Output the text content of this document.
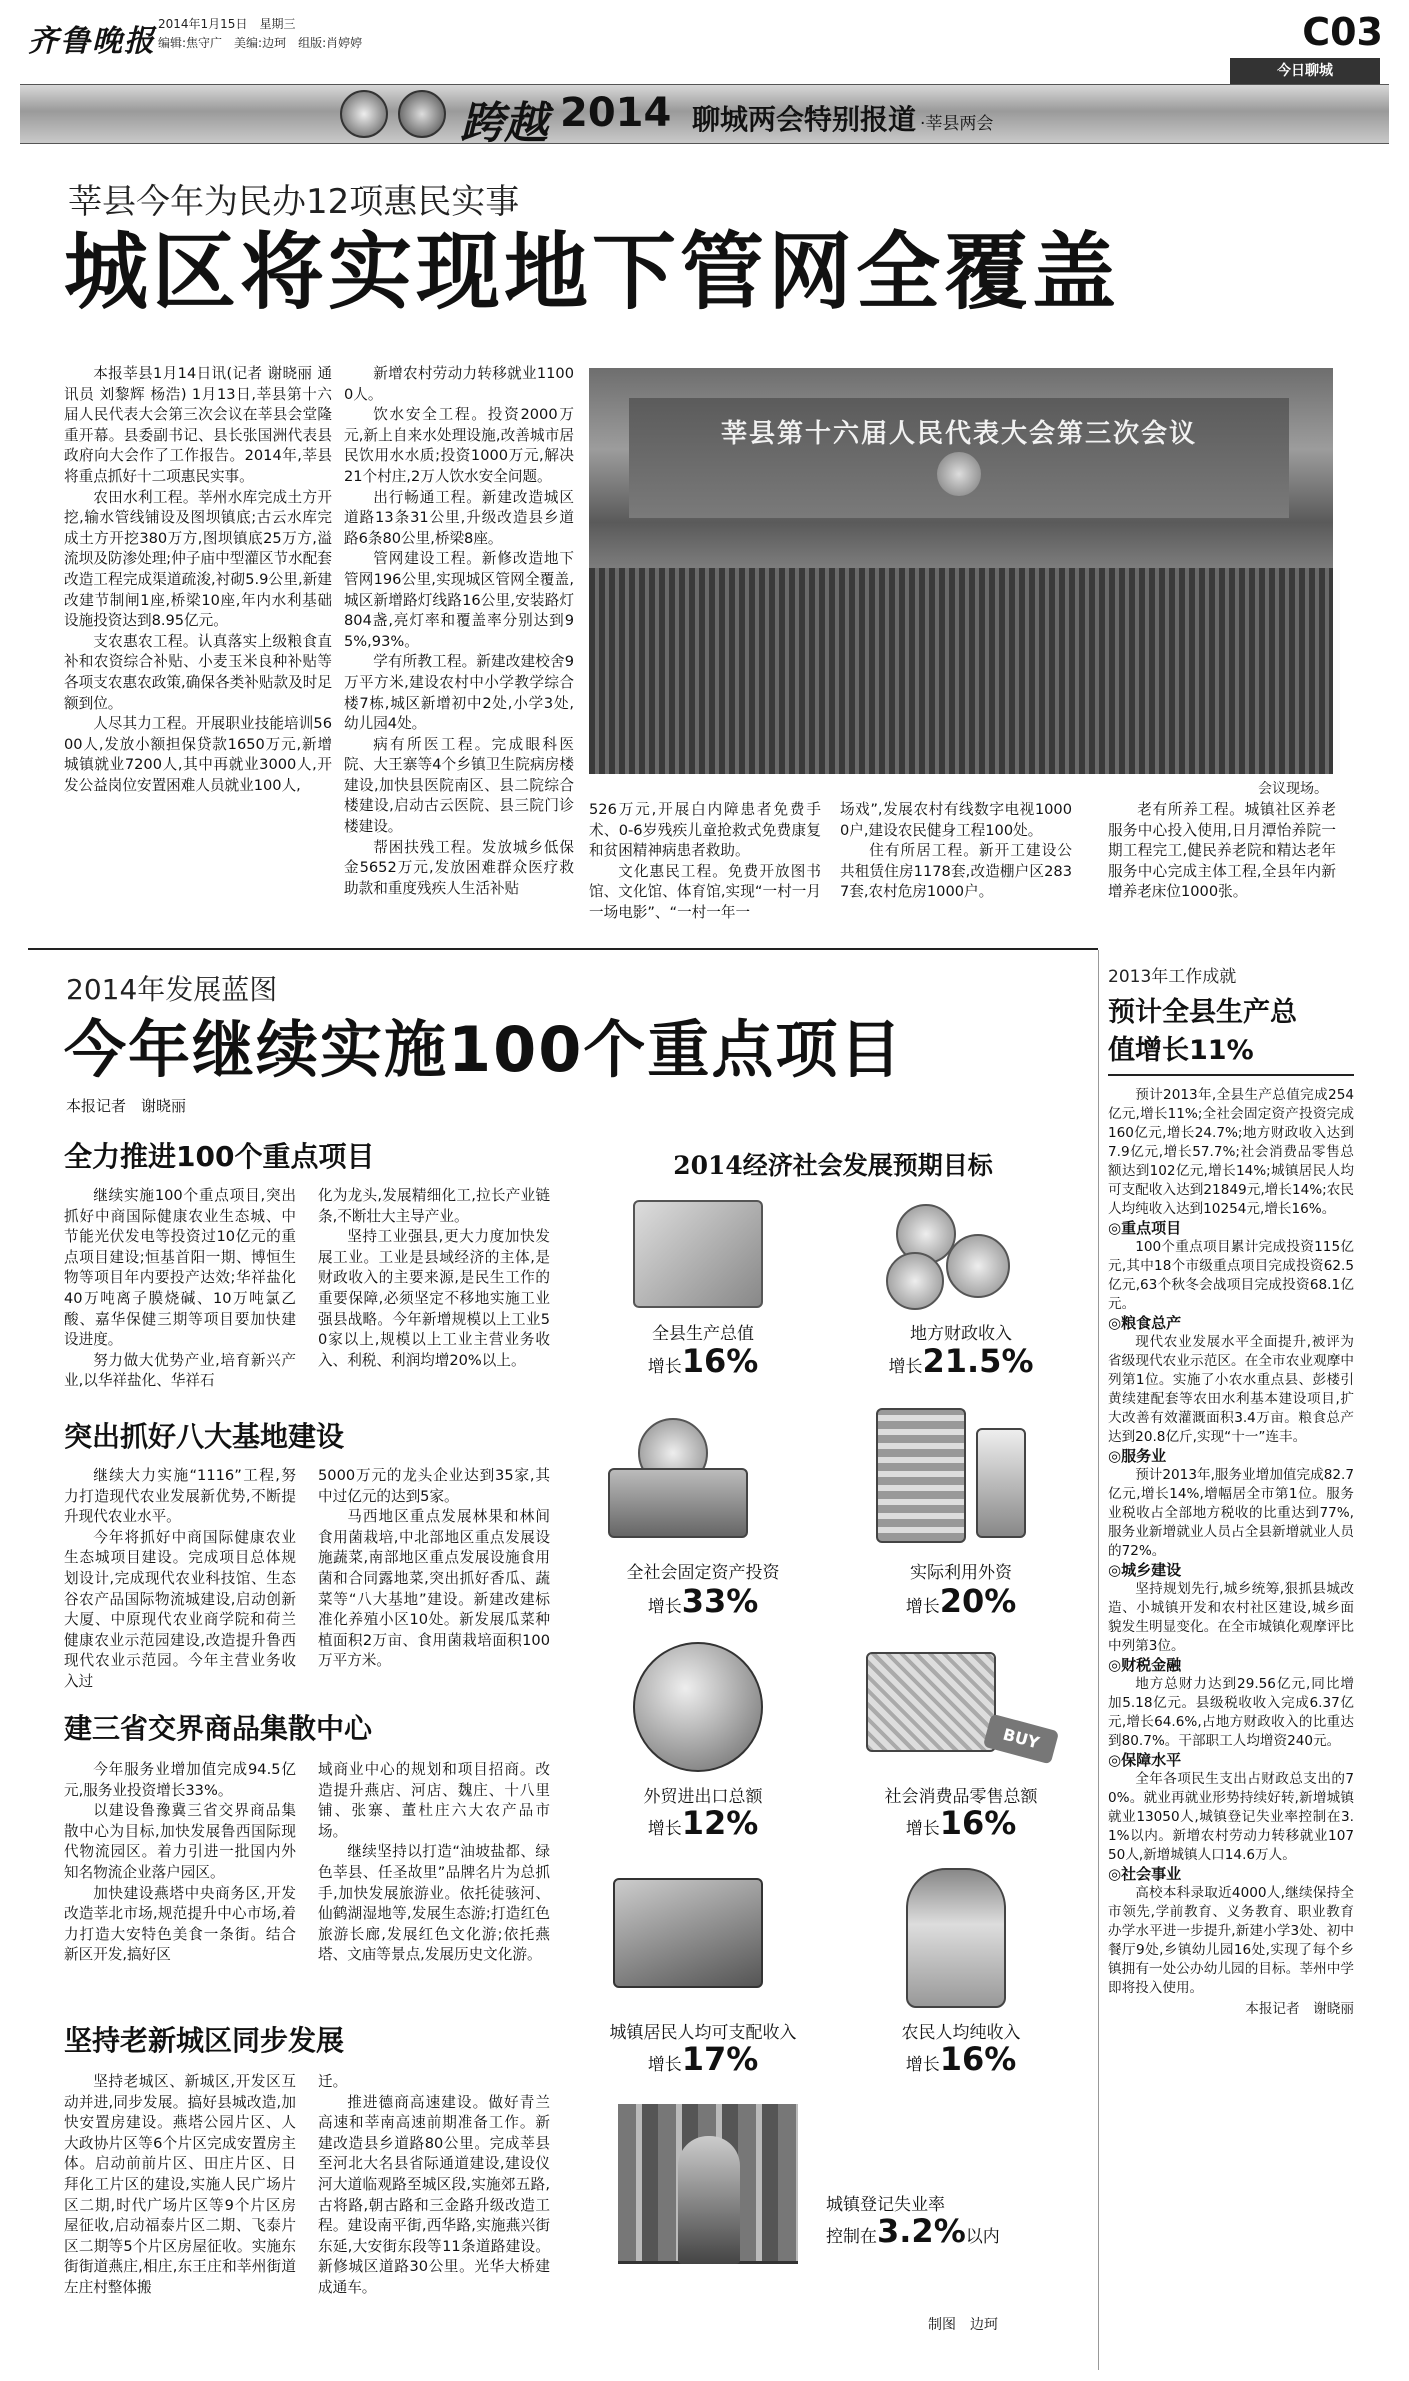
齐鲁晚报 2014年1月15日　星期三
编辑:焦守广　美编:边珂　组版:肖婷婷	C03
今日聊城
跨越 2014 聊城两会特别报道 ·莘县两会
莘县今年为民办12项惠民实事
城区将实现地下管网全覆盖

本报莘县1月14日讯(记者 谢晓丽 通讯员 刘黎辉 杨浩) 1月13日,莘县第十六届人民代表大会第三次会议在莘县会堂隆重开幕。县委副书记、县长张国洲代表县政府向大会作了工作报告。2014年,莘县将重点抓好十二项惠民实事。

农田水利工程。莘州水库完成土方开挖,输水管线铺设及图坝镇底;古云水库完成土方开挖380万方,图坝镇底25万方,溢流坝及防渗处理;仲子庙中型灌区节水配套改造工程完成渠道疏浚,衬砌5.9公里,新建改建节制闸1座,桥梁10座,年内水利基础设施投资达到8.95亿元。

支农惠农工程。认真落实上级粮食直补和农资综合补贴、小麦玉米良种补贴等各项支农惠农政策,确保各类补贴款及时足额到位。

人尽其力工程。开展职业技能培训5600人,发放小额担保贷款1650万元,新增城镇就业7200人,其中再就业3000人,开发公益岗位安置困难人员就业100人,

新增农村劳动力转移就业11000人。

饮水安全工程。投资2000万元,新上自来水处理设施,改善城市居民饮用水水质;投资1000万元,解决21个村庄,2万人饮水安全问题。

出行畅通工程。新建改造城区道路13条31公里,升级改造县乡道路6条80公里,桥梁8座。

管网建设工程。新修改造地下管网196公里,实现城区管网全覆盖,城区新增路灯线路16公里,安装路灯804盏,亮灯率和覆盖率分别达到95%,93%。

学有所教工程。新建改建校舍9万平方米,建设农村中小学教学综合楼7栋,城区新增初中2处,小学3处,幼儿园4处。

病有所医工程。完成眼科医院、大王寨等4个乡镇卫生院病房楼建设,加快县医院南区、县二院综合楼建设,启动古云医院、县三院门诊楼建设。

帮困扶残工程。发放城乡低保金5652万元,发放困难群众医疗救助款和重度残疾人生活补贴

莘县第十六届人民代表大会第三次会议
会议现场。

526万元,开展白内障患者免费手术、0-6岁残疾儿童抢救式免费康复和贫困精神病患者救助。

文化惠民工程。免费开放图书馆、文化馆、体育馆,实现“一村一月一场电影”、“一村一年一

场戏”,发展农村有线数字电视10000户,建设农民健身工程100处。

住有所居工程。新开工建设公共租赁住房1178套,改造棚户区2837套,农村危房1000户。

老有所养工程。城镇社区养老服务中心投入使用,日月潭怡养院一期工程完工,健民养老院和精达老年服务中心完成主体工程,全县年内新增养老床位1000张。

2014年发展蓝图
今年继续实施100个重点项目
本报记者　谢晓丽
全力推进100个重点项目

继续实施100个重点项目,突出抓好中商国际健康农业生态城、中节能光伏发电等投资过10亿元的重点项目建设;恒基首阳一期、博恒生物等项目年内要投产达效;华祥盐化40万吨离子膜烧碱、10万吨氯乙酸、嘉华保健三期等项目要加快建设进度。

努力做大优势产业,培育新兴产业,以华祥盐化、华祥石

化为龙头,发展精细化工,拉长产业链条,不断壮大主导产业。

坚持工业强县,更大力度加快发展工业。工业是县域经济的主体,是财政收入的主要来源,是民生工作的重要保障,必须坚定不移地实施工业强县战略。今年新增规模以上工业50家以上,规模以上工业主营业务收入、利税、利润均增20%以上。

突出抓好八大基地建设

继续大力实施“1116”工程,努力打造现代农业发展新优势,不断提升现代农业水平。

今年将抓好中商国际健康农业生态城项目建设。完成项目总体规划设计,完成现代农业科技馆、生态谷农产品国际物流城建设,启动创新大厦、中原现代农业商学院和荷兰健康农业示范园建设,改造提升鲁西现代农业示范园。今年主营业务收入过

5000万元的龙头企业达到35家,其中过亿元的达到5家。

马西地区重点发展林果和林间食用菌栽培,中北部地区重点发展设施蔬菜,南部地区重点发展设施食用菌和合同露地菜,突出抓好香瓜、蔬菜等“八大基地”建设。新建改建标准化养殖小区10处。新发展瓜菜种植面积2万亩、食用菌栽培面积100万平方米。

建三省交界商品集散中心

今年服务业增加值完成94.5亿元,服务业投资增长33%。

以建设鲁豫冀三省交界商品集散中心为目标,加快发展鲁西国际现代物流园区。着力引进一批国内外知名物流企业落户园区。

加快建设燕塔中央商务区,开发改造莘北市场,规范提升中心市场,着力打造大安特色美食一条街。结合新区开发,搞好区

域商业中心的规划和项目招商。改造提升燕店、河店、魏庄、十八里铺、张寨、董杜庄六大农产品市场。

继续坚持以打造“油坡盐都、绿色莘县、任圣故里”品牌名片为总抓手,加快发展旅游业。依托徒骇河、仙鹤湖湿地等,发展生态游;打造红色旅游长廊,发展红色文化游;依托燕塔、文庙等景点,发展历史文化游。

坚持老新城区同步发展

坚持老城区、新城区,开发区互动并进,同步发展。搞好县城改造,加快安置房建设。燕塔公园片区、人大政协片区等6个片区完成安置房主体。启动前前片区、田庄片区、日拜化工片区的建设,实施人民广场片区二期,时代广场片区等9个片区房屋征收,启动福泰片区二期、飞泰片区二期等5个片区房屋征收。实施东街街道燕庄,相庄,东王庄和莘州街道左庄村整体搬

迁。

推进德商高速建设。做好青兰高速和莘南高速前期准备工作。新建改造县乡道路80公里。完成莘县至河北大名县省际通道建设,建设仪河大道临观路至城区段,实施郊五路,古将路,朝古路和三金路升级改造工程。建设南平街,西华路,实施燕兴街东延,大安街东段等11条道路建设。新修城区道路30公里。光华大桥建成通车。

2014经济社会发展预期目标
全县生产总值
增长16%
地方财政收入
增长21.5%
全社会固定资产投资
增长33%
实际利用外资
增长20%
外贸进出口总额
增长12%
BUY
社会消费品零售总额
增长16%
城镇居民人均可支配收入
增长17%
农民人均纯收入
增长16%
城镇登记失业率
控制在3.2%以内
制图　边珂
2013年工作成就
预计全县生产总值增长11%

预计2013年,全县生产总值完成254亿元,增长11%;全社会固定资产投资完成160亿元,增长24.7%;地方财政收入达到7.9亿元,增长57.7%;社会消费品零售总额达到102亿元,增长14%;城镇居民人均可支配收入达到21849元,增长14%;农民人均纯收入达到10254元,增长16%。

◎重点项目

100个重点项目累计完成投资115亿元,其中18个市级重点项目完成投资62.5亿元,63个秋冬会战项目完成投资68.1亿元。

◎粮食总产

现代农业发展水平全面提升,被评为省级现代农业示范区。在全市农业观摩中列第1位。实施了小农水重点县、彭楼引黄续建配套等农田水利基本建设项目,扩大改善有效灌溉面积3.4万亩。粮食总产达到20.8亿斤,实现“十一”连丰。

◎服务业

预计2013年,服务业增加值完成82.7亿元,增长14%,增幅居全市第1位。服务业税收占全部地方税收的比重达到77%,服务业新增就业人员占全县新增就业人员的72%。

◎城乡建设

坚持规划先行,城乡统筹,狠抓县城改造、小城镇开发和农村社区建设,城乡面貌发生明显变化。在全市城镇化观摩评比中列第3位。

◎财税金融

地方总财力达到29.56亿元,同比增加5.18亿元。县级税收收入完成6.37亿元,增长64.6%,占地方财政收入的比重达到80.7%。干部职工人均增资240元。

◎保障水平

全年各项民生支出占财政总支出的70%。就业再就业形势持续好转,新增城镇就业13050人,城镇登记失业率控制在3.1%以内。新增农村劳动力转移就业10750人,新增城镇人口14.6万人。

◎社会事业

高校本科录取近4000人,继续保持全市领先,学前教育、义务教育、职业教育办学水平进一步提升,新建小学3处、初中餐厅9处,乡镇幼儿园16处,实现了每个乡镇拥有一处公办幼儿园的目标。莘州中学即将投入使用。

本报记者　谢晓丽
